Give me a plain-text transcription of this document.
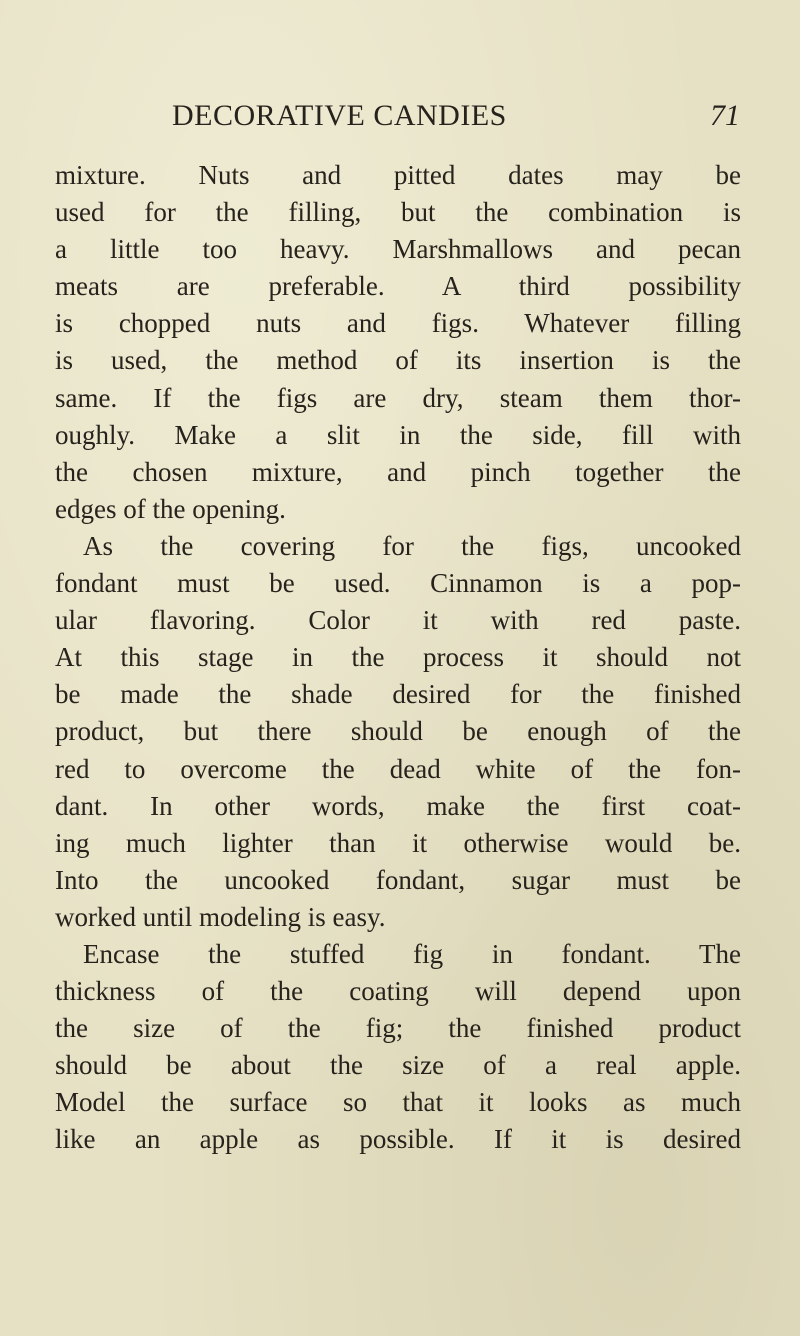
DECORATIVE CANDIES	71
mixture. Nuts and pitted dates may be
used for the filling, but the combination is
a little too heavy. Marshmallows and pecan
meats are preferable. A third possibility
is chopped nuts and figs. Whatever filling
is used, the method of its insertion is the
same. If the figs are dry, steam them thor-
oughly. Make a slit in the side, fill with
the chosen mixture, and pinch together the
edges of the opening.
As the covering for the figs, uncooked
fondant must be used. Cinnamon is a pop-
ular flavoring. Color it with red paste.
At this stage in the process it should not
be made the shade desired for the finished
product, but there should be enough of the
red to overcome the dead white of the fon-
dant. In other words, make the first coat-
ing much lighter than it otherwise would be.
Into the uncooked fondant, sugar must be
worked until modeling is easy.
Encase the stuffed fig in fondant. The
thickness of the coating will depend upon
the size of the fig; the finished product
should be about the size of a real apple.
Model the surface so that it looks as much
like an apple as possible. If it is desired
